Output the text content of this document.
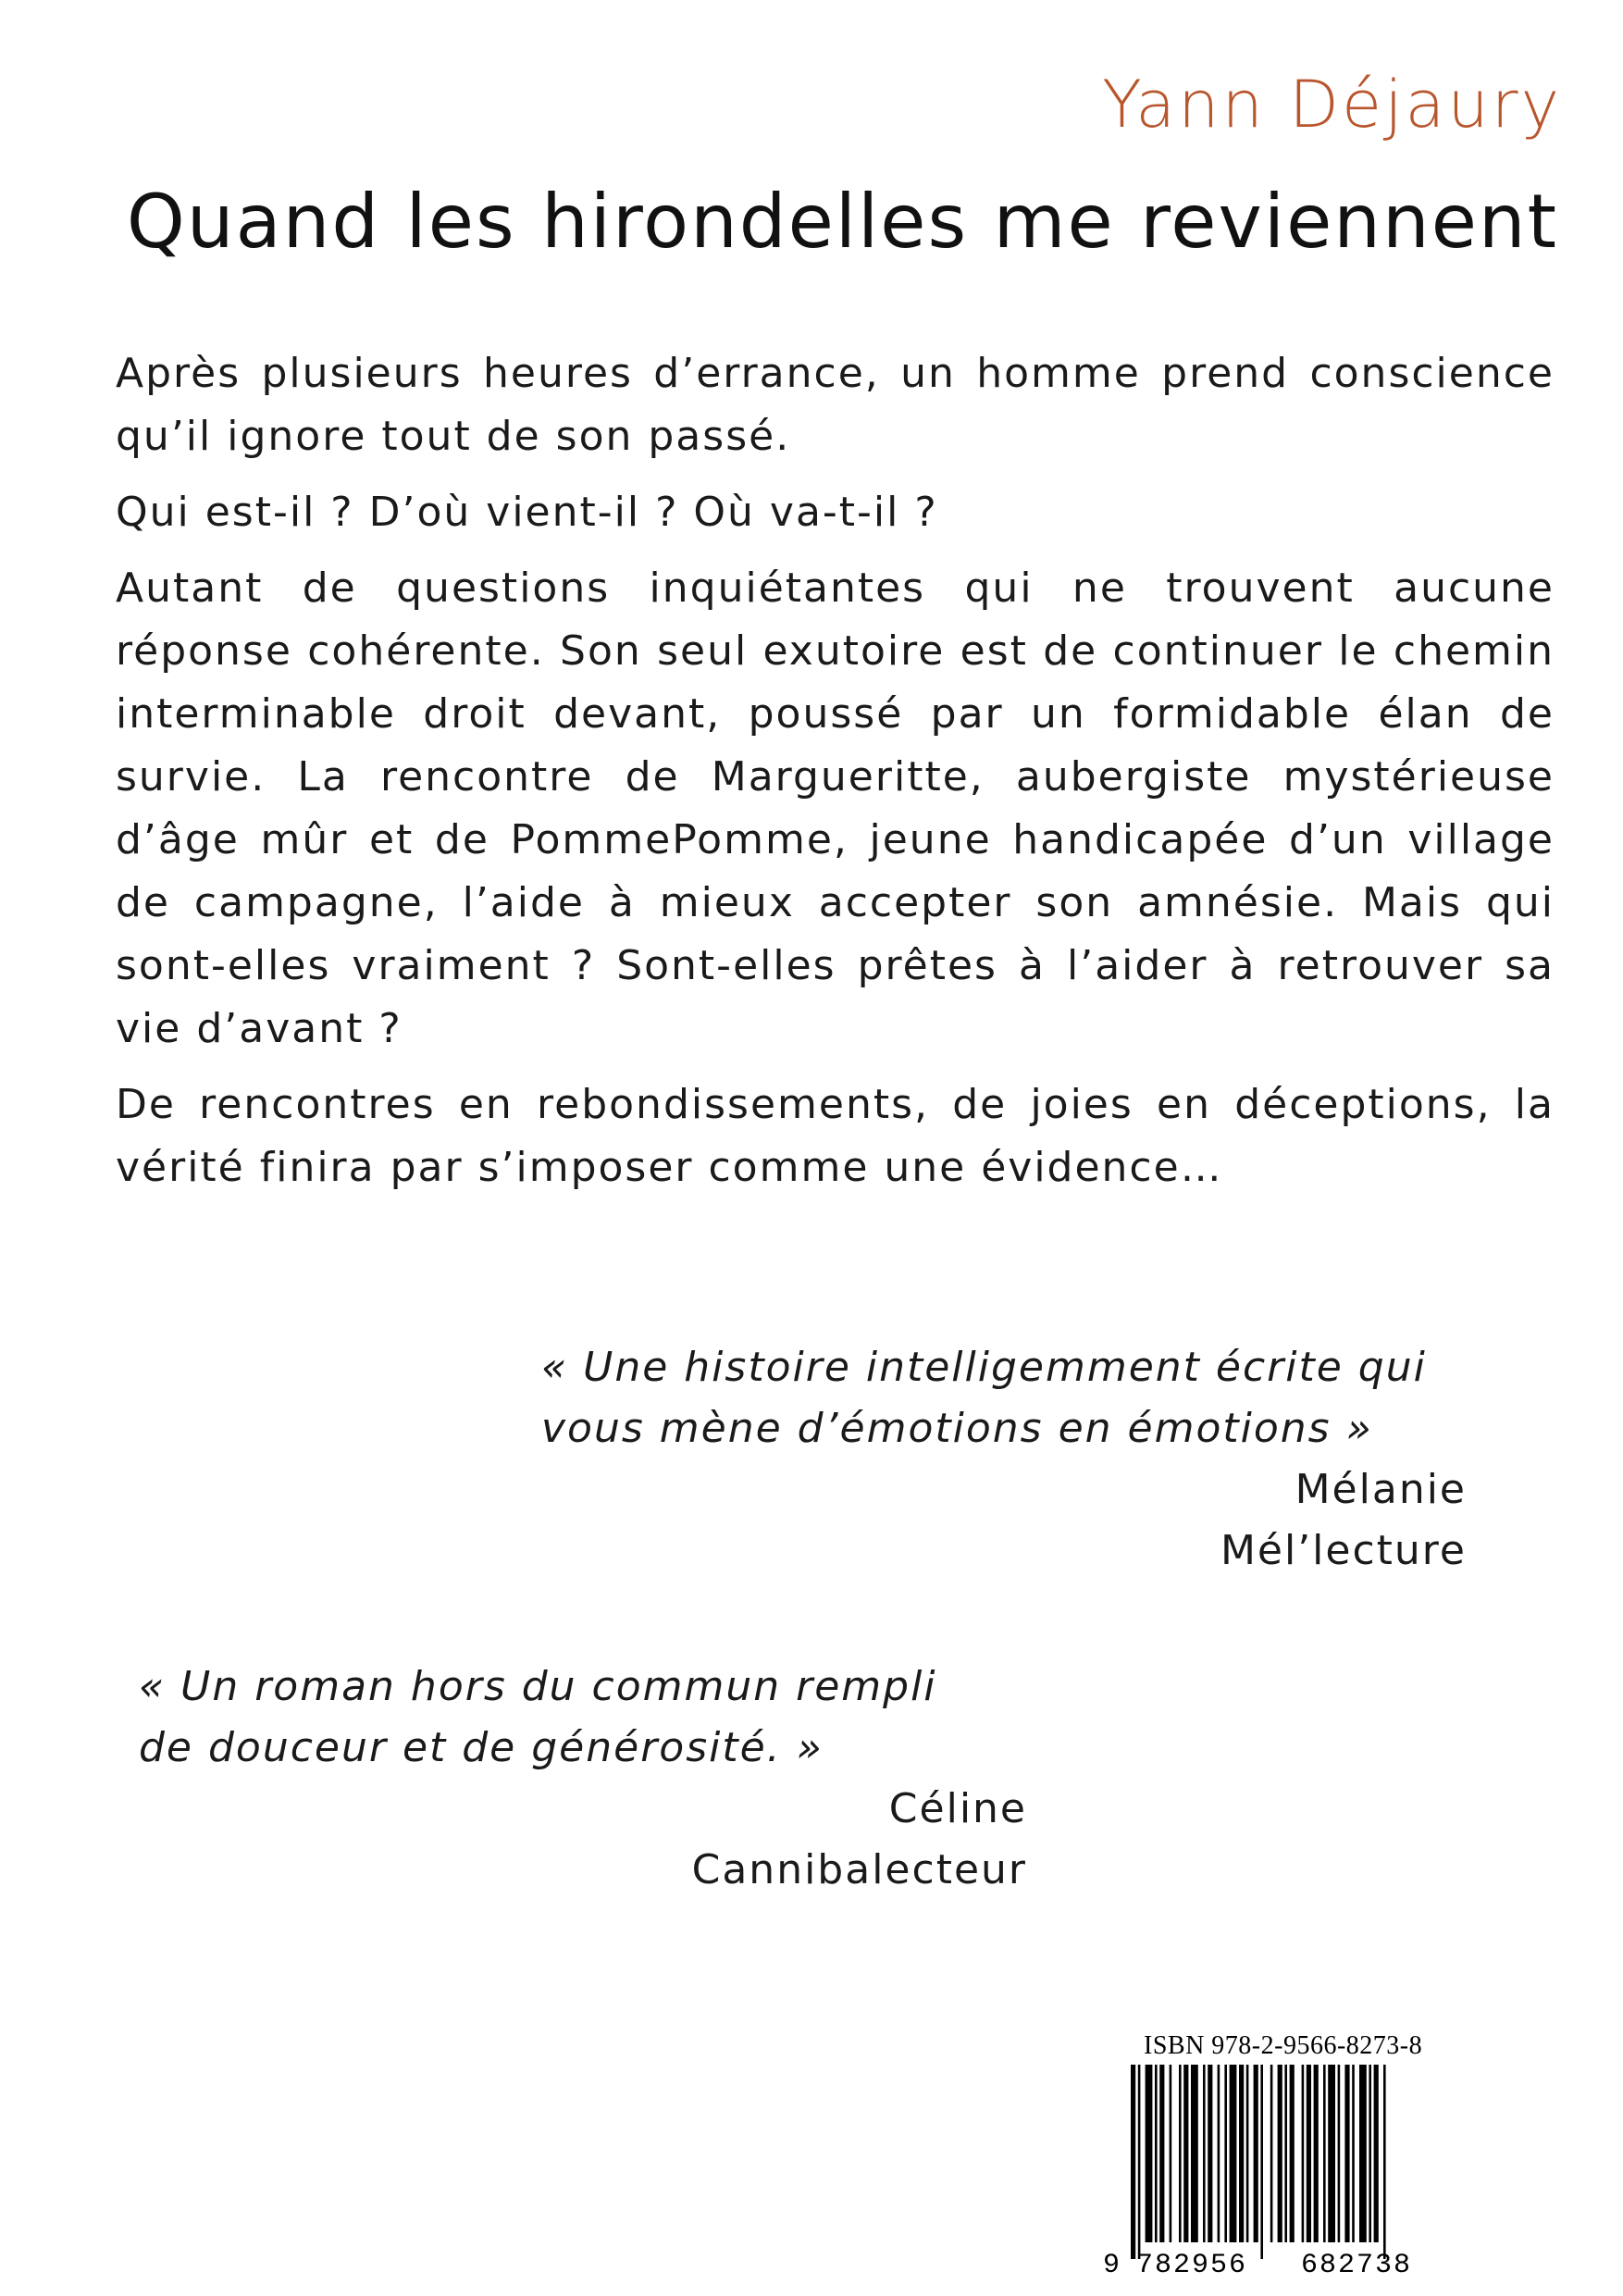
Yann Déjaury
Quand les hirondelles me reviennent

Après plusieurs heures d’errance, un homme prend conscience qu’il ignore tout de son passé.

Qui est-il ? D’où vient-il ? Où va-t-il ?

Autant de questions inquiétantes qui ne trouvent aucune réponse cohérente. Son seul exutoire est de continuer le chemin interminable droit devant, poussé par un formidable élan de survie. La rencontre de Margueritte, aubergiste mystérieuse d’âge mûr et de PommePomme, jeune handicapée d’un village de campagne, l’aide à mieux accepter son amnésie. Mais qui sont-elles vraiment ? Sont-elles prêtes à l’aider à retrouver sa vie d’avant ?

De rencontres en rebondissements, de joies en déceptions, la vérité finira par s’imposer comme une évidence…

« Une histoire intelligemment écrite qui

vous mène d’émotions en émotions »

Mélanie

Mél’lecture

« Un roman hors du commun rempli

de douceur et de générosité. »

Céline

Cannibalecteur

ISBN 978-2-9566-8273-8
9 782956 682738
